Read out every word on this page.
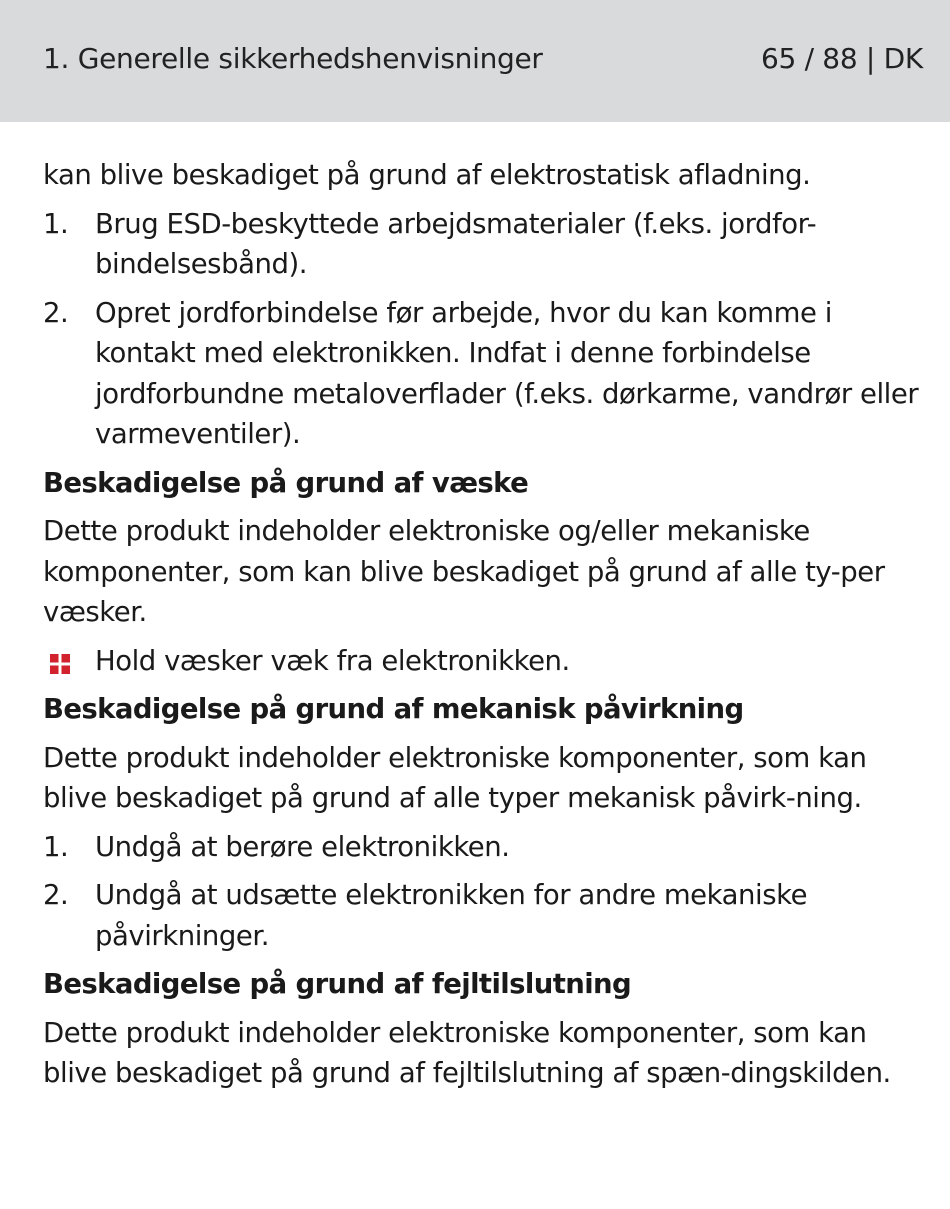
1. Generelle sikkerhedshenvisninger	65 / 88 | DK

kan blive beskadiget på grund af elektrostatisk afladning.

1. Brug ESD-beskyttede arbejdsmaterialer (f.eks. jordfor-bindelsesbånd).
2. Opret jordforbindelse før arbejde, hvor du kan komme i kontakt med elektronikken. Indfat i denne forbindelse jordforbundne metaloverflader (f.eks. dørkarme, vandrør eller varmeventiler).
Beskadigelse på grund af væske

Dette produkt indeholder elektroniske og/eller mekaniske komponenter, som kan blive beskadiget på grund af alle ty-per væsker.

Hold væsker væk fra elektronikken.
Beskadigelse på grund af mekanisk påvirkning

Dette produkt indeholder elektroniske komponenter, som kan blive beskadiget på grund af alle typer mekanisk påvirk-ning.

1. Undgå at berøre elektronikken.
2. Undgå at udsætte elektronikken for andre mekaniske påvirkninger.
Beskadigelse på grund af fejltilslutning

Dette produkt indeholder elektroniske komponenter, som kan blive beskadiget på grund af fejltilslutning af spæn-dingskilden.
